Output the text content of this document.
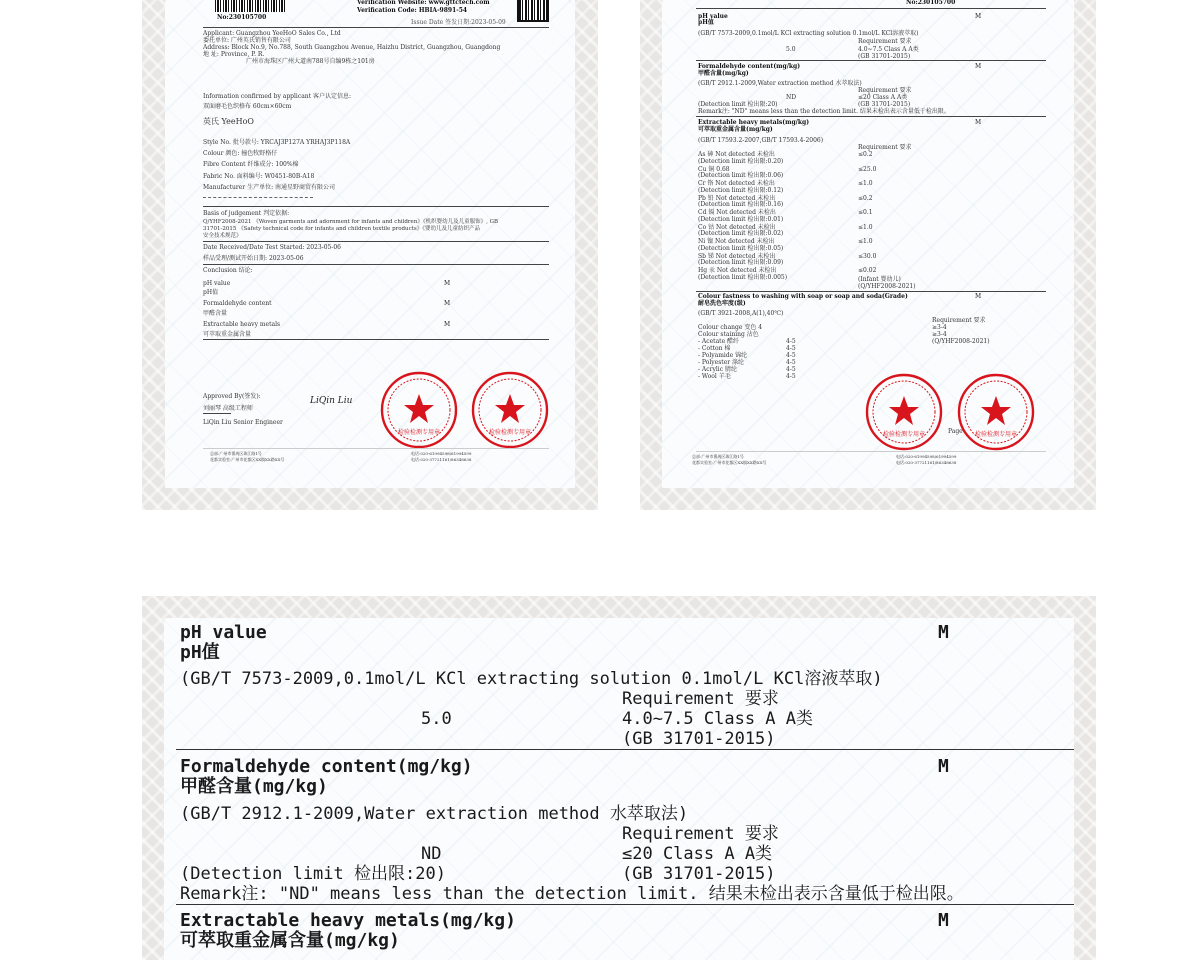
No:230105700
Verification Website: www.gttctech.com
Verification Code: HBIA-9891-54
Issue Date 签发日期:2023-05-09
Applicant: Guangzhou YeeHoO Sales Co., Ltd
委托单位: 广州英氏销售有限公司
Address: Block No.9, No.788, South Guangzhou Avenue, Haizhu District, Guangzhou, Guangdong
地 址: Province, P. R.
广州市海珠区广州大道南788号自编9栋之101房
Information confirmed by applicant 客户认定信息:
双面磨毛色织格布 60cm×60cm
英氏 YeeHoO
Style No. 批号款号: YRCAJ3P127A YRHAJ3P118A
Colour 颜色: 撞色牧野格仔
Fibre Content 纤维成分: 100%棉
Fabric No. 面料编号: W0451-80B-A18
Manufacturer 生产单位: 南通星野商贸有限公司
Basis of judgement 判定依据:
Q/YHF2008-2021 《Woven garments and adornment for infants and children》《机织婴幼儿及儿童服饰》, GB
31701-2015 《Safety technical code for infants and children textile products》《婴幼儿及儿童纺织产品
安全技术规范》
Date Received/Date Test Started: 2023-05-06
样品受理/测试开始日期: 2023-05-06
Conclusion 结论:
pH value
pH值
M
Formaldehyde content
甲醛含量
M
Extractable heavy metals
可萃取重金属含量
M
Approved By(签发):
刘丽琴 高级工程师
LiQin Liu Senior Engineer
LiQin Liu
检验检测专用章	检验检测专用章
总部:广州市番禺区珠江路1号
花都实验室:广州市花都区XX镇XX路XX号
电话:020-61994598/61994599
电话:020-37721161/86348638
No:230105700
pH value
pH值
M
(GB/T 7573-2009,0.1mol/L KCl extracting solution 0.1mol/L KCl溶液萃取)
Requirement 要求
5.0	4.0~7.5 Class A A类
(GB 31701-2015)
Formaldehyde content(mg/kg)
甲醛含量(mg/kg)
M
(GB/T 2912.1-2009,Water extraction method 水萃取法)
Requirement 要求
ND	≤20 Class A A类
(Detection limit 检出限:20)	(GB 31701-2015)
Remark注: "ND" means less than the detection limit. 结果未检出表示含量低于检出限。
Extractable heavy metals(mg/kg)
可萃取重金属含量(mg/kg)
M
(GB/T 17593.2-2007,GB/T 17593.4-2006)
Requirement 要求
As 砷 Not detected 未检出
(Detection limit 检出限:0.20)
≤0.2
Cu 铜 0.68
(Detection limit 检出限:0.06)
≤25.0
Cr 铬 Not detected 未检出
(Detection limit 检出限:0.12)
≤1.0
Pb 铅 Not detected 未检出
(Detection limit 检出限:0.16)
≤0.2
Cd 镉 Not detected 未检出
(Detection limit 检出限:0.01)
≤0.1
Co 钴 Not detected 未检出
(Detection limit 检出限:0.02)
≤1.0
Ni 镍 Not detected 未检出
(Detection limit 检出限:0.05)
≤1.0
Sb 锑 Not detected 未检出
(Detection limit 检出限:0.09)
≤30.0
Hg 汞 Not detected 未检出
(Detection limit 检出限:0.005)
≤0.02
(Infant 婴幼儿)
(Q/YHF2008-2021)
Colour fastness to washing with soap or soap and soda(Grade)
耐皂洗色牢度(级)
M
(GB/T 3921-2008,A(1),40℃)
Requirement 要求
Colour change 变色 4	≥3-4
Colour staining 沾色	≥3-4
(Q/YHF2008-2021)
- Acetate 醋纤	4-5
- Cotton 棉	4-5
- Polyamide 锦纶	4-5
- Polyester 涤纶	4-5
- Acrylic 腈纶	4-5
- Wool 羊毛	4-5
检验检测专用章	检验检测专用章
Page
总部:广州市番禺区珠江路1号
花都实验室:广州市花都区XX镇XX路XX号
电话:020-61994598/61994599
电话:020-37721161/86348638
pH value
pH值
M
(GB/T 7573-2009,0.1mol/L KCl extracting solution 0.1mol/L KCl溶液萃取)
Requirement 要求
5.0	4.0~7.5 Class A A类
(GB 31701-2015)
Formaldehyde content(mg/kg)
甲醛含量(mg/kg)
M
(GB/T 2912.1-2009,Water extraction method 水萃取法)
Requirement 要求
ND	≤20 Class A A类
(Detection limit 检出限:20)	(GB 31701-2015)
Remark注: "ND" means less than the detection limit. 结果未检出表示含量低于检出限。
Extractable heavy metals(mg/kg)
可萃取重金属含量(mg/kg)
M
